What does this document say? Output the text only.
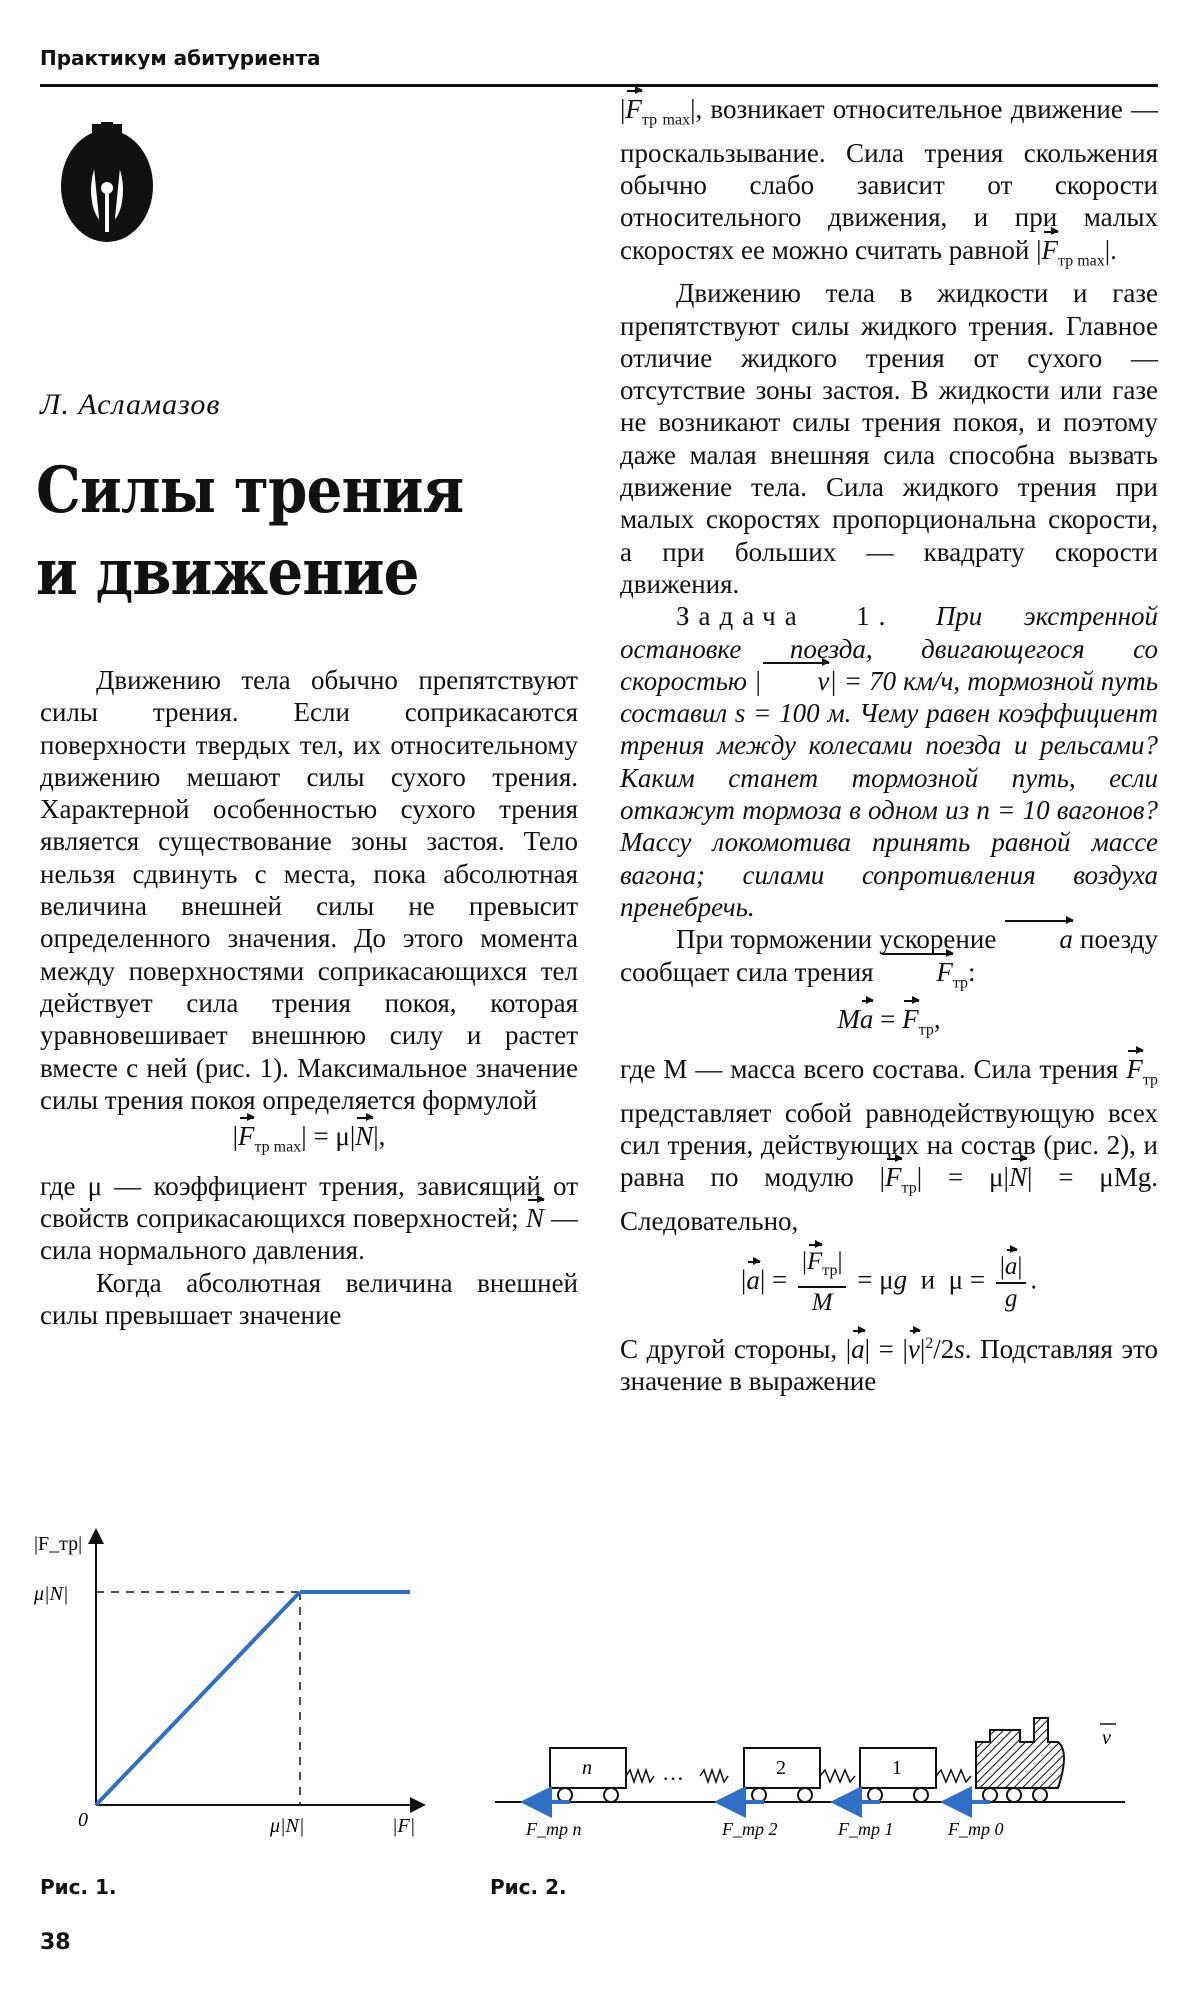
Практикум абитуриента
Л. Асламазов
Силы трения
и движение

Движению тела обычно препятствуют силы трения. Если соприкасаются поверхности твердых тел, их относительному движению мешают силы сухого трения. Характерной особенностью сухого трения является существование зоны застоя. Тело нельзя сдвинуть с места, пока абсолютная величина внешней силы не превысит определенного значения. До этого момента между поверхностями соприкасающихся тел действует сила трения покоя, которая уравновешивает внешнюю силу и растет вместе с ней (рис. 1). Максимальное значение силы трения покоя определяется формулой

$|F_{тр max}| = \mu|N|$,

где μ — коэффициент трения, зависящий от свойств соприкасающихся поверхностей; N — сила нормального давления.

Когда абсолютная величина внешней силы превышает значение

$|F_{тр max}|$, возникает относительное движение — проскальзывание. Сила трения скольжения обычно слабо зависит от скорости относительного движения, и при малых скоростях ее можно считать равной $|F_{тр max}|$.

Движению тела в жидкости и газе препятствуют силы жидкого трения. Главное отличие жидкого трения от сухого — отсутствие зоны застоя. В жидкости или газе не возникают силы трения покоя, и поэтому даже малая внешняя сила способна вызвать движение тела. Сила жидкого трения при малых скоростях пропорциональна скорости, а при больших — квадрату скорости движения.

Задача 1. При экстренной остановке поезда, двигающегося со скоростью | v| = 70 км/ч, тормозной путь составил s = 100 м. Чему равен коэффициент трения между колесами поезда и рельсами? Каким станет тормозной путь, если откажут тормоза в одном из n = 10 вагонов? Массу локомотива принять равной массе вагона; силами сопротивления воздуха пренебречь.

При торможении ускорение a поезду сообщает сила трения $F_{тр}$:

$Ma = F_{тр}$,

где M — масса всего состава. Сила трения $F_{тр}$ представляет собой равнодействующую всех сил трения, действующих на состав (рис. 2), и равна по модулю $|F_{тр}| = \mu|N| = \mu Mg$. Следовательно,

$|a| = \frac{|F_{тр}|}{M} = \mu g$  и  $\mu = \frac{|a|}{g}$ .

С другой стороны, $|a| = |v|^2/2s$. Подставляя это значение в выражение

|F_тр|
μ|N|
0	μ|N|	|F|
Рис. 1.
n	…	2	1
v
F_тр n	F_тр 2	F_тр 1	F_тр 0
Рис. 2.
38
